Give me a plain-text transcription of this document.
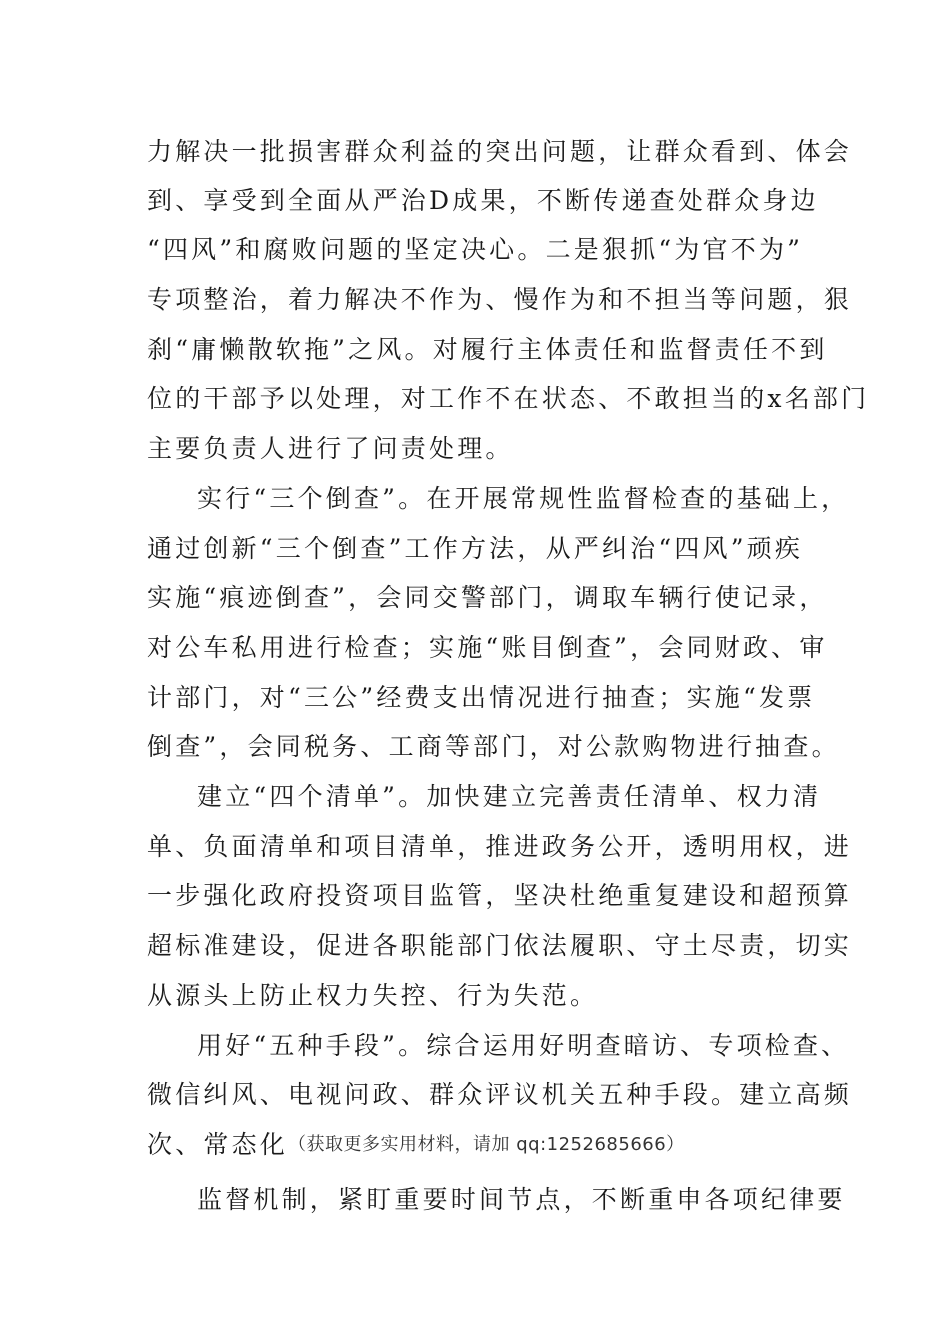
力解决一批损害群众利益的突出问题，让群众看到、体会
到、享受到全面从严治D成果，不断传递查处群众身边
“四风”和腐败问题的坚定决心。二是狠抓“为官不为”
专项整治，着力解决不作为、慢作为和不担当等问题，狠
刹“庸懒散软拖”之风。对履行主体责任和监督责任不到
位的干部予以处理，对工作不在状态、不敢担当的x名部门
主要负责人进行了问责处理。
实行“三个倒查”。在开展常规性监督检查的基础上，
通过创新“三个倒查”工作方法，从严纠治“四风”顽疾
实施“痕迹倒查”，会同交警部门，调取车辆行使记录，
对公车私用进行检查；实施“账目倒查”，会同财政、审
计部门，对“三公”经费支出情况进行抽查；实施“发票
倒查”，会同税务、工商等部门，对公款购物进行抽查。
建立“四个清单”。加快建立完善责任清单、权力清
单、负面清单和项目清单，推进政务公开，透明用权，进
一步强化政府投资项目监管，坚决杜绝重复建设和超预算
超标准建设，促进各职能部门依法履职、守土尽责，切实
从源头上防止权力失控、行为失范。
用好“五种手段”。综合运用好明查暗访、专项检查、
微信纠风、电视问政、群众评议机关五种手段。建立高频
次、常态化（获取更多实用材料，请加 qq:1252685666）
监督机制，紧盯重要时间节点，不断重申各项纪律要
